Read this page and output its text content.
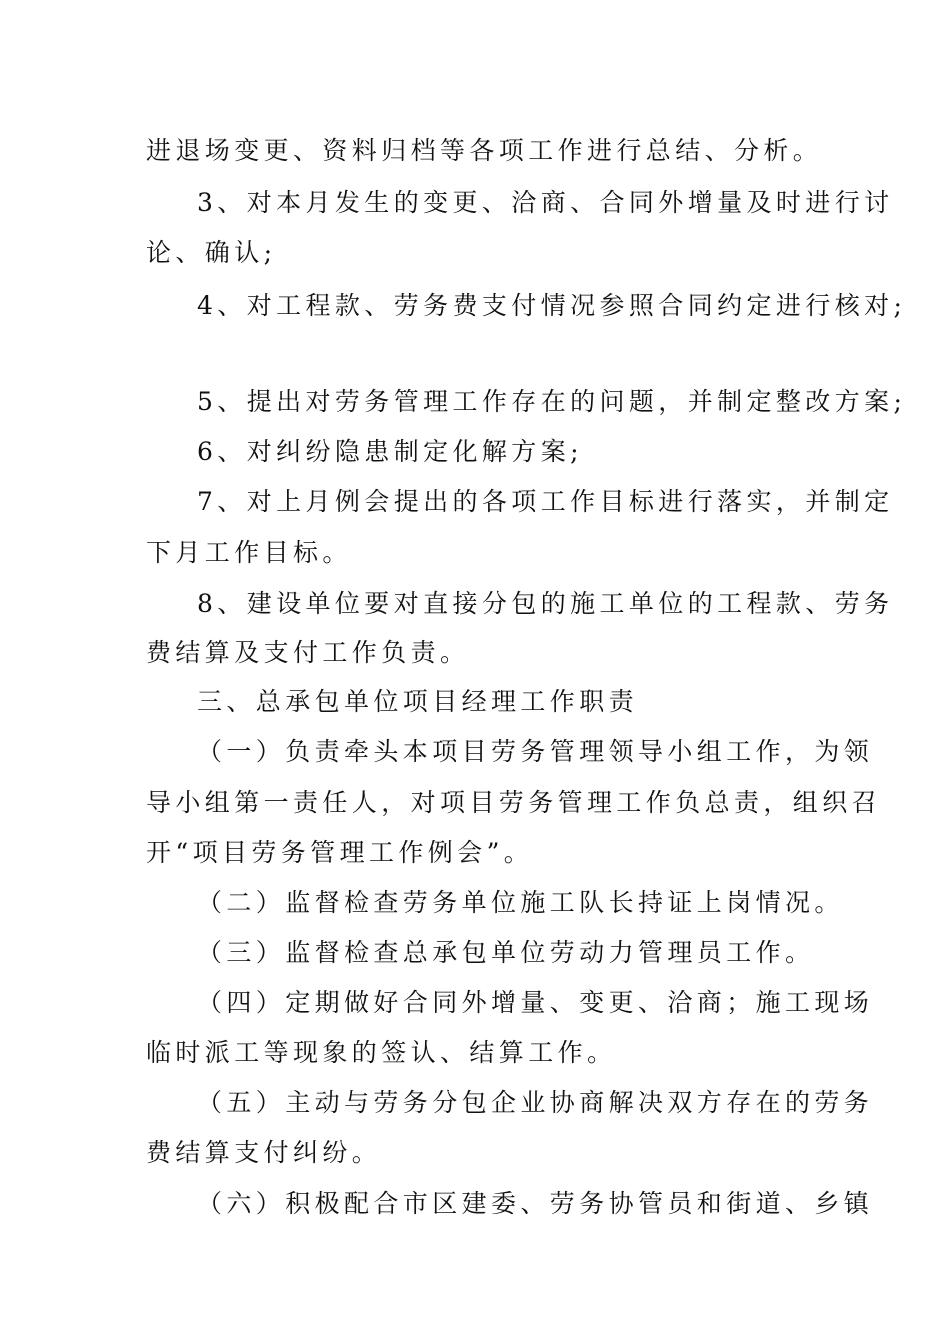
进退场变更、资料归档等各项工作进行总结、分析。
3、对本月发生的变更、洽商、合同外增量及时进行讨
论、确认;
4、对工程款、劳务费支付情况参照合同约定进行核对;
5、提出对劳务管理工作存在的问题，并制定整改方案;
6、对纠纷隐患制定化解方案;
7、对上月例会提出的各项工作目标进行落实，并制定
下月工作目标。
8、建设单位要对直接分包的施工单位的工程款、劳务
费结算及支付工作负责。
三、总承包单位项目经理工作职责
（一）负责牵头本项目劳务管理领导小组工作，为领
导小组第一责任人，对项目劳务管理工作负总责，组织召
开“项目劳务管理工作例会”。
（二）监督检查劳务单位施工队长持证上岗情况。
（三）监督检查总承包单位劳动力管理员工作。
（四）定期做好合同外增量、变更、洽商；施工现场
临时派工等现象的签认、结算工作。
（五）主动与劳务分包企业协商解决双方存在的劳务
费结算支付纠纷。
（六）积极配合市区建委、劳务协管员和街道、乡镇
